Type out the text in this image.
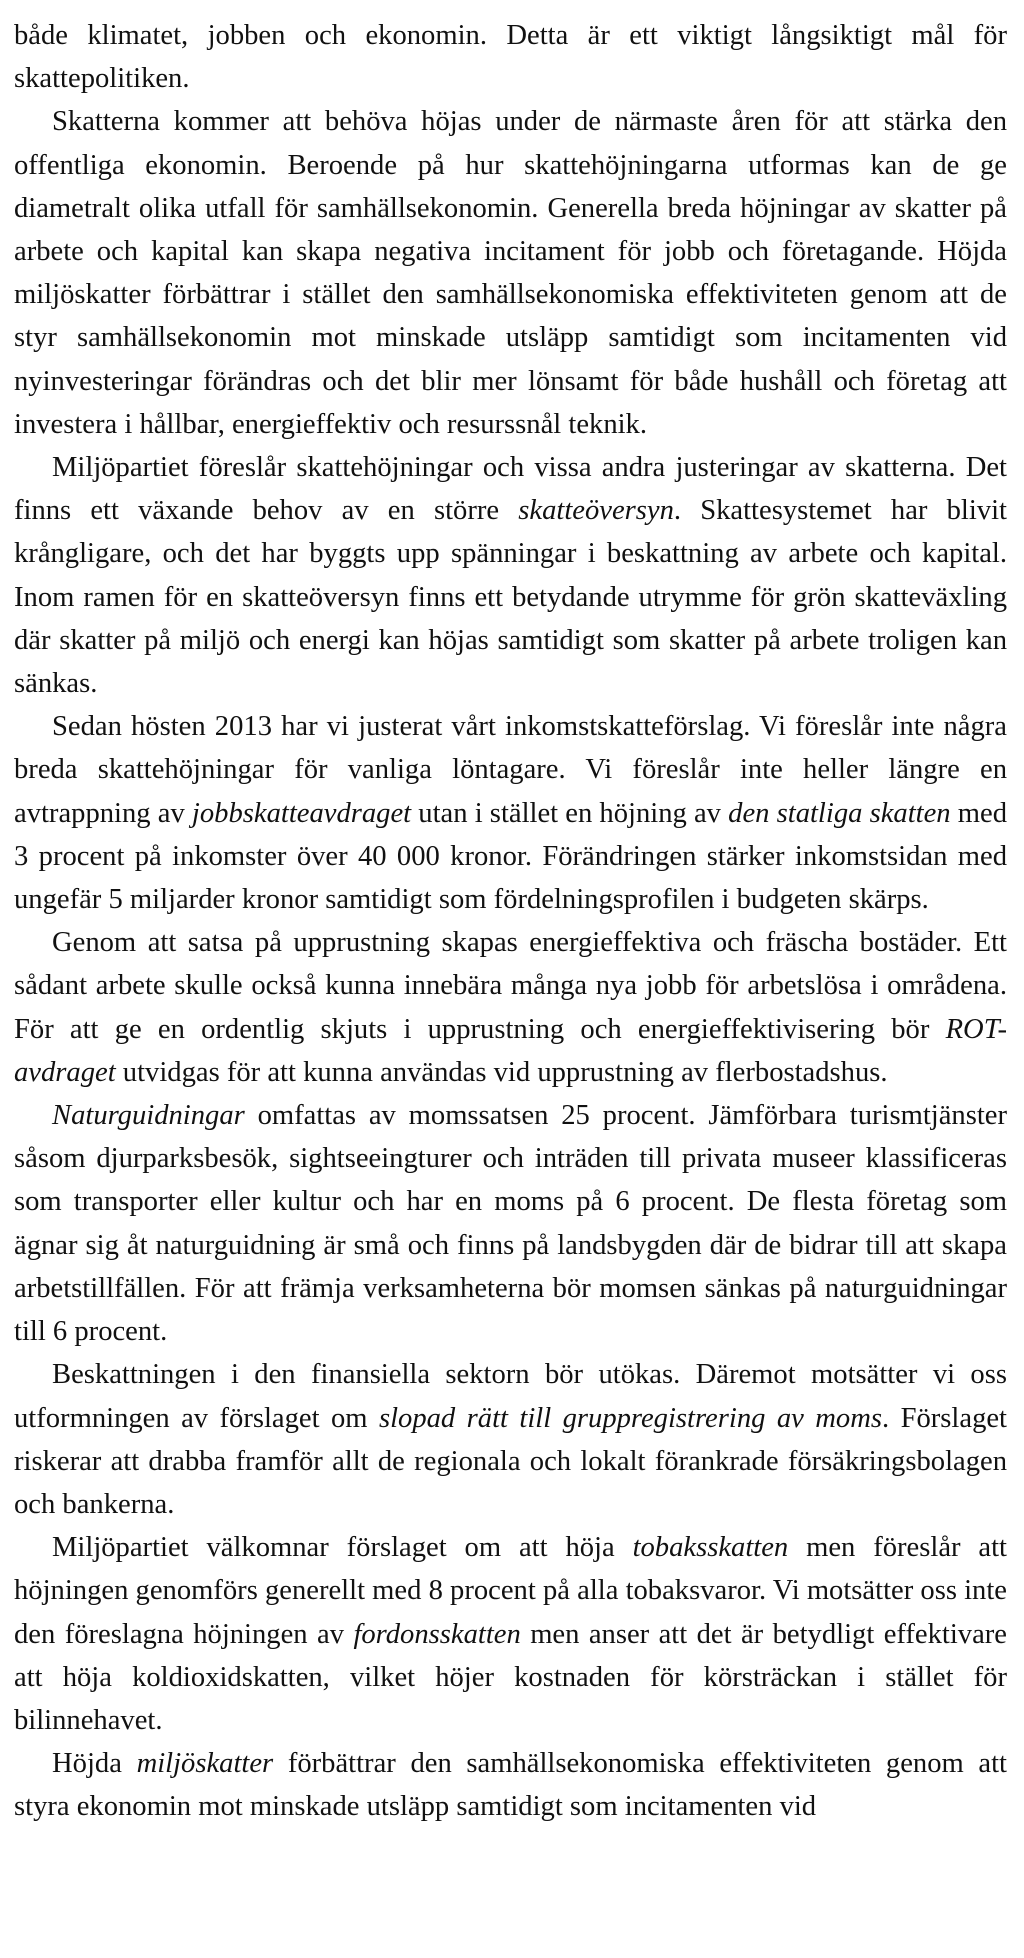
både klimatet, jobben och ekonomin. Detta är ett viktigt långsiktigt mål för skattepolitiken.

Skatterna kommer att behöva höjas under de närmaste åren för att stärka den offentliga ekonomin. Beroende på hur skattehöjningarna utformas kan de ge diametralt olika utfall för samhällsekonomin. Generella breda höjningar av skatter på arbete och kapital kan skapa negativa incitament för jobb och företagande. Höjda miljöskatter förbättrar i stället den samhällsekonomiska effektiviteten genom att de styr samhällsekonomin mot minskade utsläpp samtidigt som incitamenten vid nyinvesteringar förändras och det blir mer lönsamt för både hushåll och företag att investera i hållbar, energieffektiv och resurssnål teknik.

Miljöpartiet föreslår skattehöjningar och vissa andra justeringar av skatterna. Det finns ett växande behov av en större skatteöversyn. Skattesystemet har blivit krångligare, och det har byggts upp spänningar i beskattning av arbete och kapital. Inom ramen för en skatteöversyn finns ett betydande utrymme för grön skatteväxling där skatter på miljö och energi kan höjas samtidigt som skatter på arbete troligen kan sänkas.

Sedan hösten 2013 har vi justerat vårt inkomstskatteförslag. Vi föreslår inte några breda skattehöjningar för vanliga löntagare. Vi föreslår inte heller längre en avtrappning av jobbskatteavdraget utan i stället en höjning av den statliga skatten med 3 procent på inkomster över 40 000 kronor. Förändringen stärker inkomstsidan med ungefär 5 miljarder kronor samtidigt som fördelningsprofilen i budgeten skärps.

Genom att satsa på upprustning skapas energieffektiva och fräscha bostäder. Ett sådant arbete skulle också kunna innebära många nya jobb för arbetslösa i områdena. För att ge en ordentlig skjuts i upprustning och energieffektivisering bör ROT-avdraget utvidgas för att kunna användas vid upprustning av flerbostadshus.

Naturguidningar omfattas av momssatsen 25 procent. Jämförbara turismtjänster såsom djurparksbesök, sightseeingturer och inträden till privata museer klassificeras som transporter eller kultur och har en moms på 6 procent. De flesta företag som ägnar sig åt naturguidning är små och finns på landsbygden där de bidrar till att skapa arbetstillfällen. För att främja verksamheterna bör momsen sänkas på naturguidningar till 6 procent.

Beskattningen i den finansiella sektorn bör utökas. Däremot motsätter vi oss utformningen av förslaget om slopad rätt till gruppregistrering av moms. Förslaget riskerar att drabba framför allt de regionala och lokalt förankrade försäkringsbolagen och bankerna.

Miljöpartiet välkomnar förslaget om att höja tobaksskatten men föreslår att höjningen genomförs generellt med 8 procent på alla tobaksvaror. Vi motsätter oss inte den föreslagna höjningen av fordonsskatten men anser att det är betydligt effektivare att höja koldioxidskatten, vilket höjer kostnaden för körsträckan i stället för bilinnehavet.

Höjda miljöskatter förbättrar den samhällsekonomiska effektiviteten genom att styra ekonomin mot minskade utsläpp samtidigt som incitamenten vid
